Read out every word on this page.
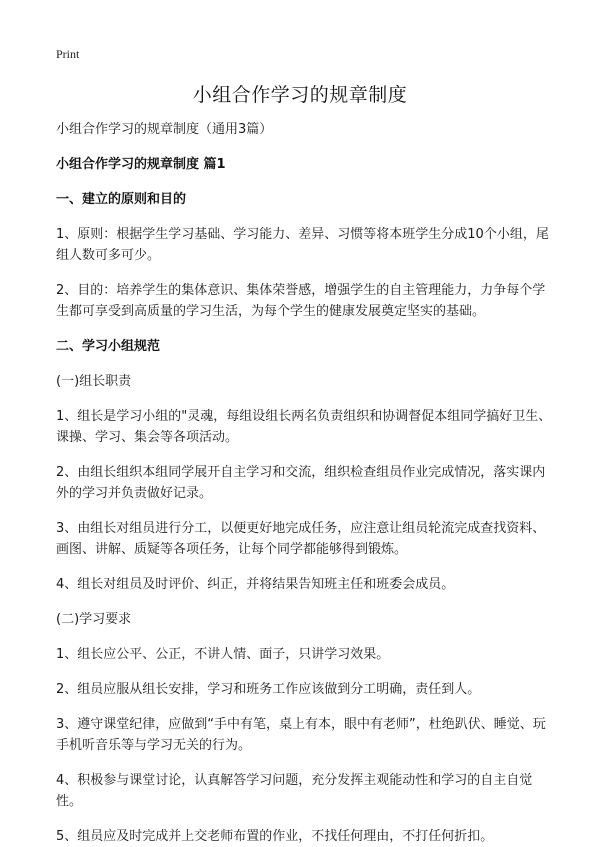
Print
小组合作学习的规章制度

小组合作学习的规章制度（通用3篇）

小组合作学习的规章制度 篇1

一、建立的原则和目的

1、原则：根据学生学习基础、学习能力、差异、习惯等将本班学生分成10个小组，尾组人数可多可少。

2、目的：培养学生的集体意识、集体荣誉感，增强学生的自主管理能力，力争每个学生都可享受到高质量的学习生活，为每个学生的健康发展奠定坚实的基础。

二、学习小组规范

(一)组长职责

1、组长是学习小组的"灵魂，每组设组长两名负责组织和协调督促本组同学搞好卫生、课操、学习、集会等各项活动。

2、由组长组织本组同学展开自主学习和交流，组织检查组员作业完成情况，落实课内外的学习并负责做好记录。

3、由组长对组员进行分工，以便更好地完成任务，应注意让组员轮流完成查找资料、画图、讲解、质疑等各项任务，让每个同学都能够得到锻炼。

4、组长对组员及时评价、纠正，并将结果告知班主任和班委会成员。

(二)学习要求

1、组长应公平、公正，不讲人情、面子，只讲学习效果。

2、组员应服从组长安排，学习和班务工作应该做到分工明确，责任到人。

3、遵守课堂纪律，应做到“手中有笔，桌上有本，眼中有老师”，杜绝趴伏、睡觉、玩手机听音乐等与学习无关的行为。

4、积极参与课堂讨论，认真解答学习问题，充分发挥主观能动性和学习的自主自觉性。

5、组员应及时完成并上交老师布置的作业，不找任何理由，不打任何折扣。
